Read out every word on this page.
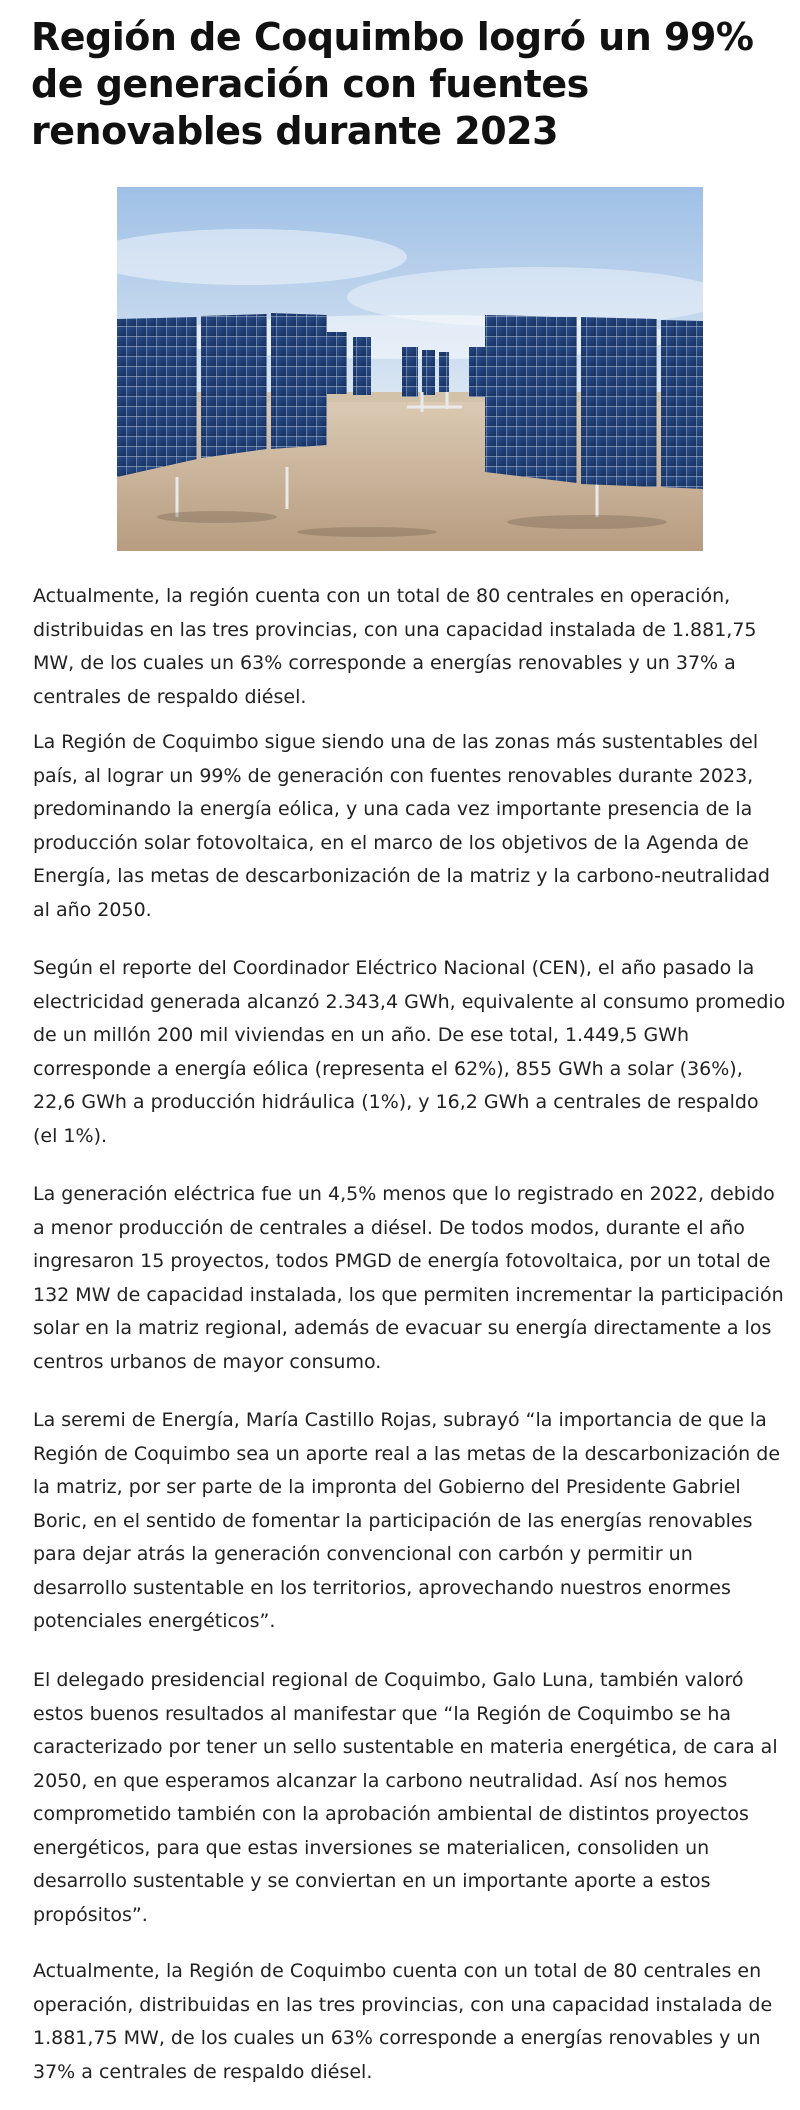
Región de Coquimbo logró un 99% de generación con fuentes renovables durante 2023

Actualmente, la región cuenta con un total de 80 centrales en operación, distribuidas en las tres provincias, con una capacidad instalada de 1.881,75 MW, de los cuales un 63% corresponde a energías renovables y un 37% a centrales de respaldo diésel.

La Región de Coquimbo sigue siendo una de las zonas más sustentables del país, al lograr un 99% de generación con fuentes renovables durante 2023, predominando la energía eólica, y una cada vez importante presencia de la producción solar fotovoltaica, en el marco de los objetivos de la Agenda de Energía, las metas de descarbonización de la matriz y la carbono-neutralidad al año 2050.

Según el reporte del Coordinador Eléctrico Nacional (CEN), el año pasado la electricidad generada alcanzó 2.343,4 GWh, equivalente al consumo promedio de un millón 200 mil viviendas en un año. De ese total, 1.449,5 GWh corresponde a energía eólica (representa el 62%), 855 GWh a solar (36%), 22,6 GWh a producción hidráulica (1%), y 16,2 GWh a centrales de respaldo (el 1%).

La generación eléctrica fue un 4,5% menos que lo registrado en 2022, debido a menor producción de centrales a diésel. De todos modos, durante el año ingresaron 15 proyectos, todos PMGD de energía fotovoltaica, por un total de 132 MW de capacidad instalada, los que permiten incrementar la participación solar en la matriz regional, además de evacuar su energía directamente a los centros urbanos de mayor consumo.

La seremi de Energía, María Castillo Rojas, subrayó “la importancia de que la Región de Coquimbo sea un aporte real a las metas de la descarbonización de la matriz, por ser parte de la impronta del Gobierno del Presidente Gabriel Boric, en el sentido de fomentar la participación de las energías renovables para dejar atrás la generación convencional con carbón y permitir un desarrollo sustentable en los territorios, aprovechando nuestros enormes potenciales energéticos”.

El delegado presidencial regional de Coquimbo, Galo Luna, también valoró estos buenos resultados al manifestar que “la Región de Coquimbo se ha caracterizado por tener un sello sustentable en materia energética, de cara al 2050, en que esperamos alcanzar la carbono neutralidad. Así nos hemos comprometido también con la aprobación ambiental de distintos proyectos energéticos, para que estas inversiones se materialicen, consoliden un desarrollo sustentable y se conviertan en un importante aporte a estos propósitos”.

Actualmente, la Región de Coquimbo cuenta con un total de 80 centrales en operación, distribuidas en las tres provincias, con una capacidad instalada de 1.881,75 MW, de los cuales un 63% corresponde a energías renovables y un 37% a centrales de respaldo diésel.
